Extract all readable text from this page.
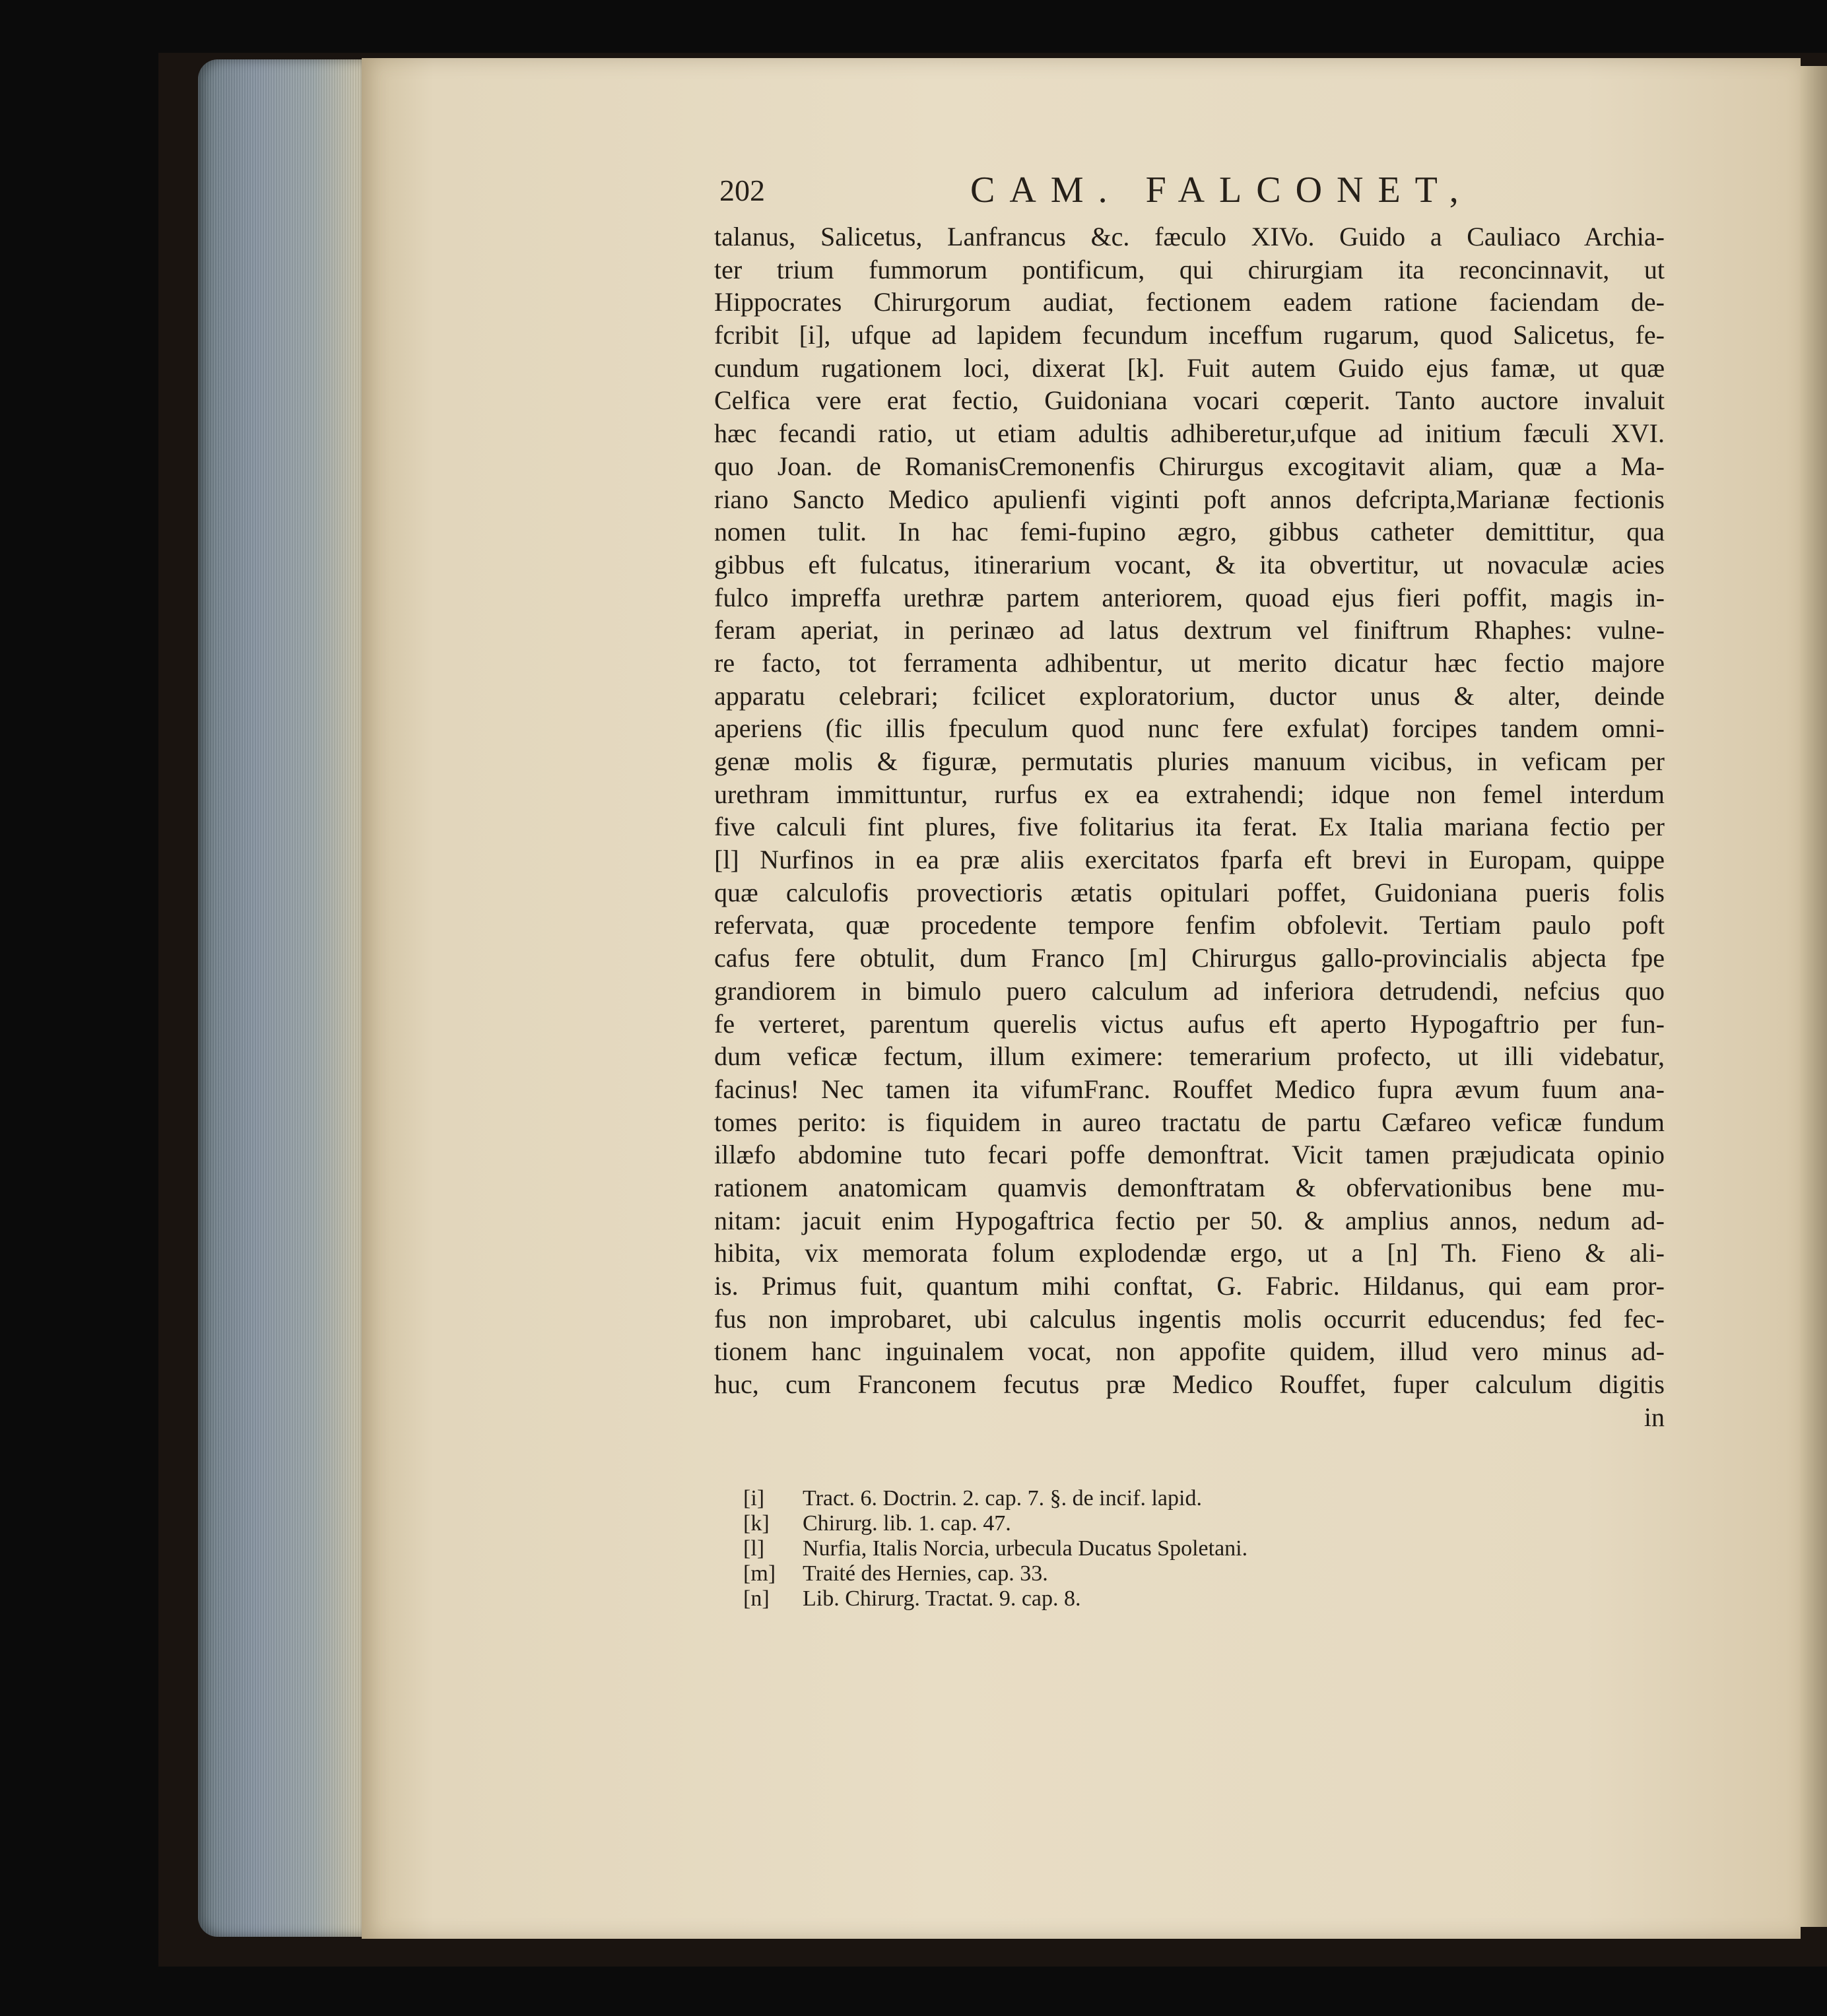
202	CAM. FALCONET,
talanus, Salicetus, Lanfrancus &c. fæculo XIVo. Guido a Cauliaco Archia-
ter trium fummorum pontificum, qui chirurgiam ita reconcinnavit, ut
Hippocrates Chirurgorum audiat, fectionem eadem ratione faciendam de-
fcribit [i], ufque ad lapidem fecundum inceffum rugarum, quod Salicetus, fe-
cundum rugationem loci, dixerat [k]. Fuit autem Guido ejus famæ, ut quæ
Celfica vere erat fectio, Guidoniana vocari cœperit. Tanto auctore invaluit
hæc fecandi ratio, ut etiam adultis adhiberetur,ufque ad initium fæculi XVI.
quo Joan. de RomanisCremonenfis Chirurgus excogitavit aliam, quæ a Ma-
riano Sancto Medico apulienfi viginti poft annos defcripta,Marianæ fectionis
nomen tulit. In hac femi-fupino ægro, gibbus catheter demittitur, qua
gibbus eft fulcatus, itinerarium vocant, & ita obvertitur, ut novaculæ acies
fulco impreffa urethræ partem anteriorem, quoad ejus fieri poffit, magis in-
feram aperiat, in perinæo ad latus dextrum vel finiftrum Rhaphes: vulne-
re facto, tot ferramenta adhibentur, ut merito dicatur hæc fectio majore
apparatu celebrari; fcilicet exploratorium, ductor unus & alter, deinde
aperiens (fic illis fpeculum quod nunc fere exfulat) forcipes tandem omni-
genæ molis & figuræ, permutatis pluries manuum vicibus, in veficam per
urethram immittuntur, rurfus ex ea extrahendi; idque non femel interdum
five calculi fint plures, five folitarius ita ferat. Ex Italia mariana fectio per
[l] Nurfinos in ea præ aliis exercitatos fparfa eft brevi in Europam, quippe
quæ calculofis provectioris ætatis opitulari poffet, Guidoniana pueris folis
refervata, quæ procedente tempore fenfim obfolevit. Tertiam paulo poft
cafus fere obtulit, dum Franco [m] Chirurgus gallo-provincialis abjecta fpe
grandiorem in bimulo puero calculum ad inferiora detrudendi, nefcius quo
fe verteret, parentum querelis victus aufus eft aperto Hypogaftrio per fun-
dum veficæ fectum, illum eximere: temerarium profecto, ut illi videbatur,
facinus! Nec tamen ita vifumFranc. Rouffet Medico fupra ævum fuum ana-
tomes perito: is fiquidem in aureo tractatu de partu Cæfareo veficæ fundum
illæfo abdomine tuto fecari poffe demonftrat. Vicit tamen præjudicata opinio
rationem anatomicam quamvis demonftratam & obfervationibus bene mu-
nitam: jacuit enim Hypogaftrica fectio per 50. & amplius annos, nedum ad-
hibita, vix memorata folum explodendæ ergo, ut a [n] Th. Fieno & ali-
is. Primus fuit, quantum mihi conftat, G. Fabric. Hildanus, qui eam pror-
fus non improbaret, ubi calculus ingentis molis occurrit educendus; fed fec-
tionem hanc inguinalem vocat, non appofite quidem, illud vero minus ad-
huc, cum Franconem fecutus præ Medico Rouffet, fuper calculum digitis
in
[i] Tract. 6. Doctrin. 2. cap. 7. §. de incif. lapid.
[k] Chirurg. lib. 1. cap. 47.
[l] Nurfia, Italis Norcia, urbecula Ducatus Spoletani.
[m] Traité des Hernies, cap. 33.
[n] Lib. Chirurg. Tractat. 9. cap. 8.
